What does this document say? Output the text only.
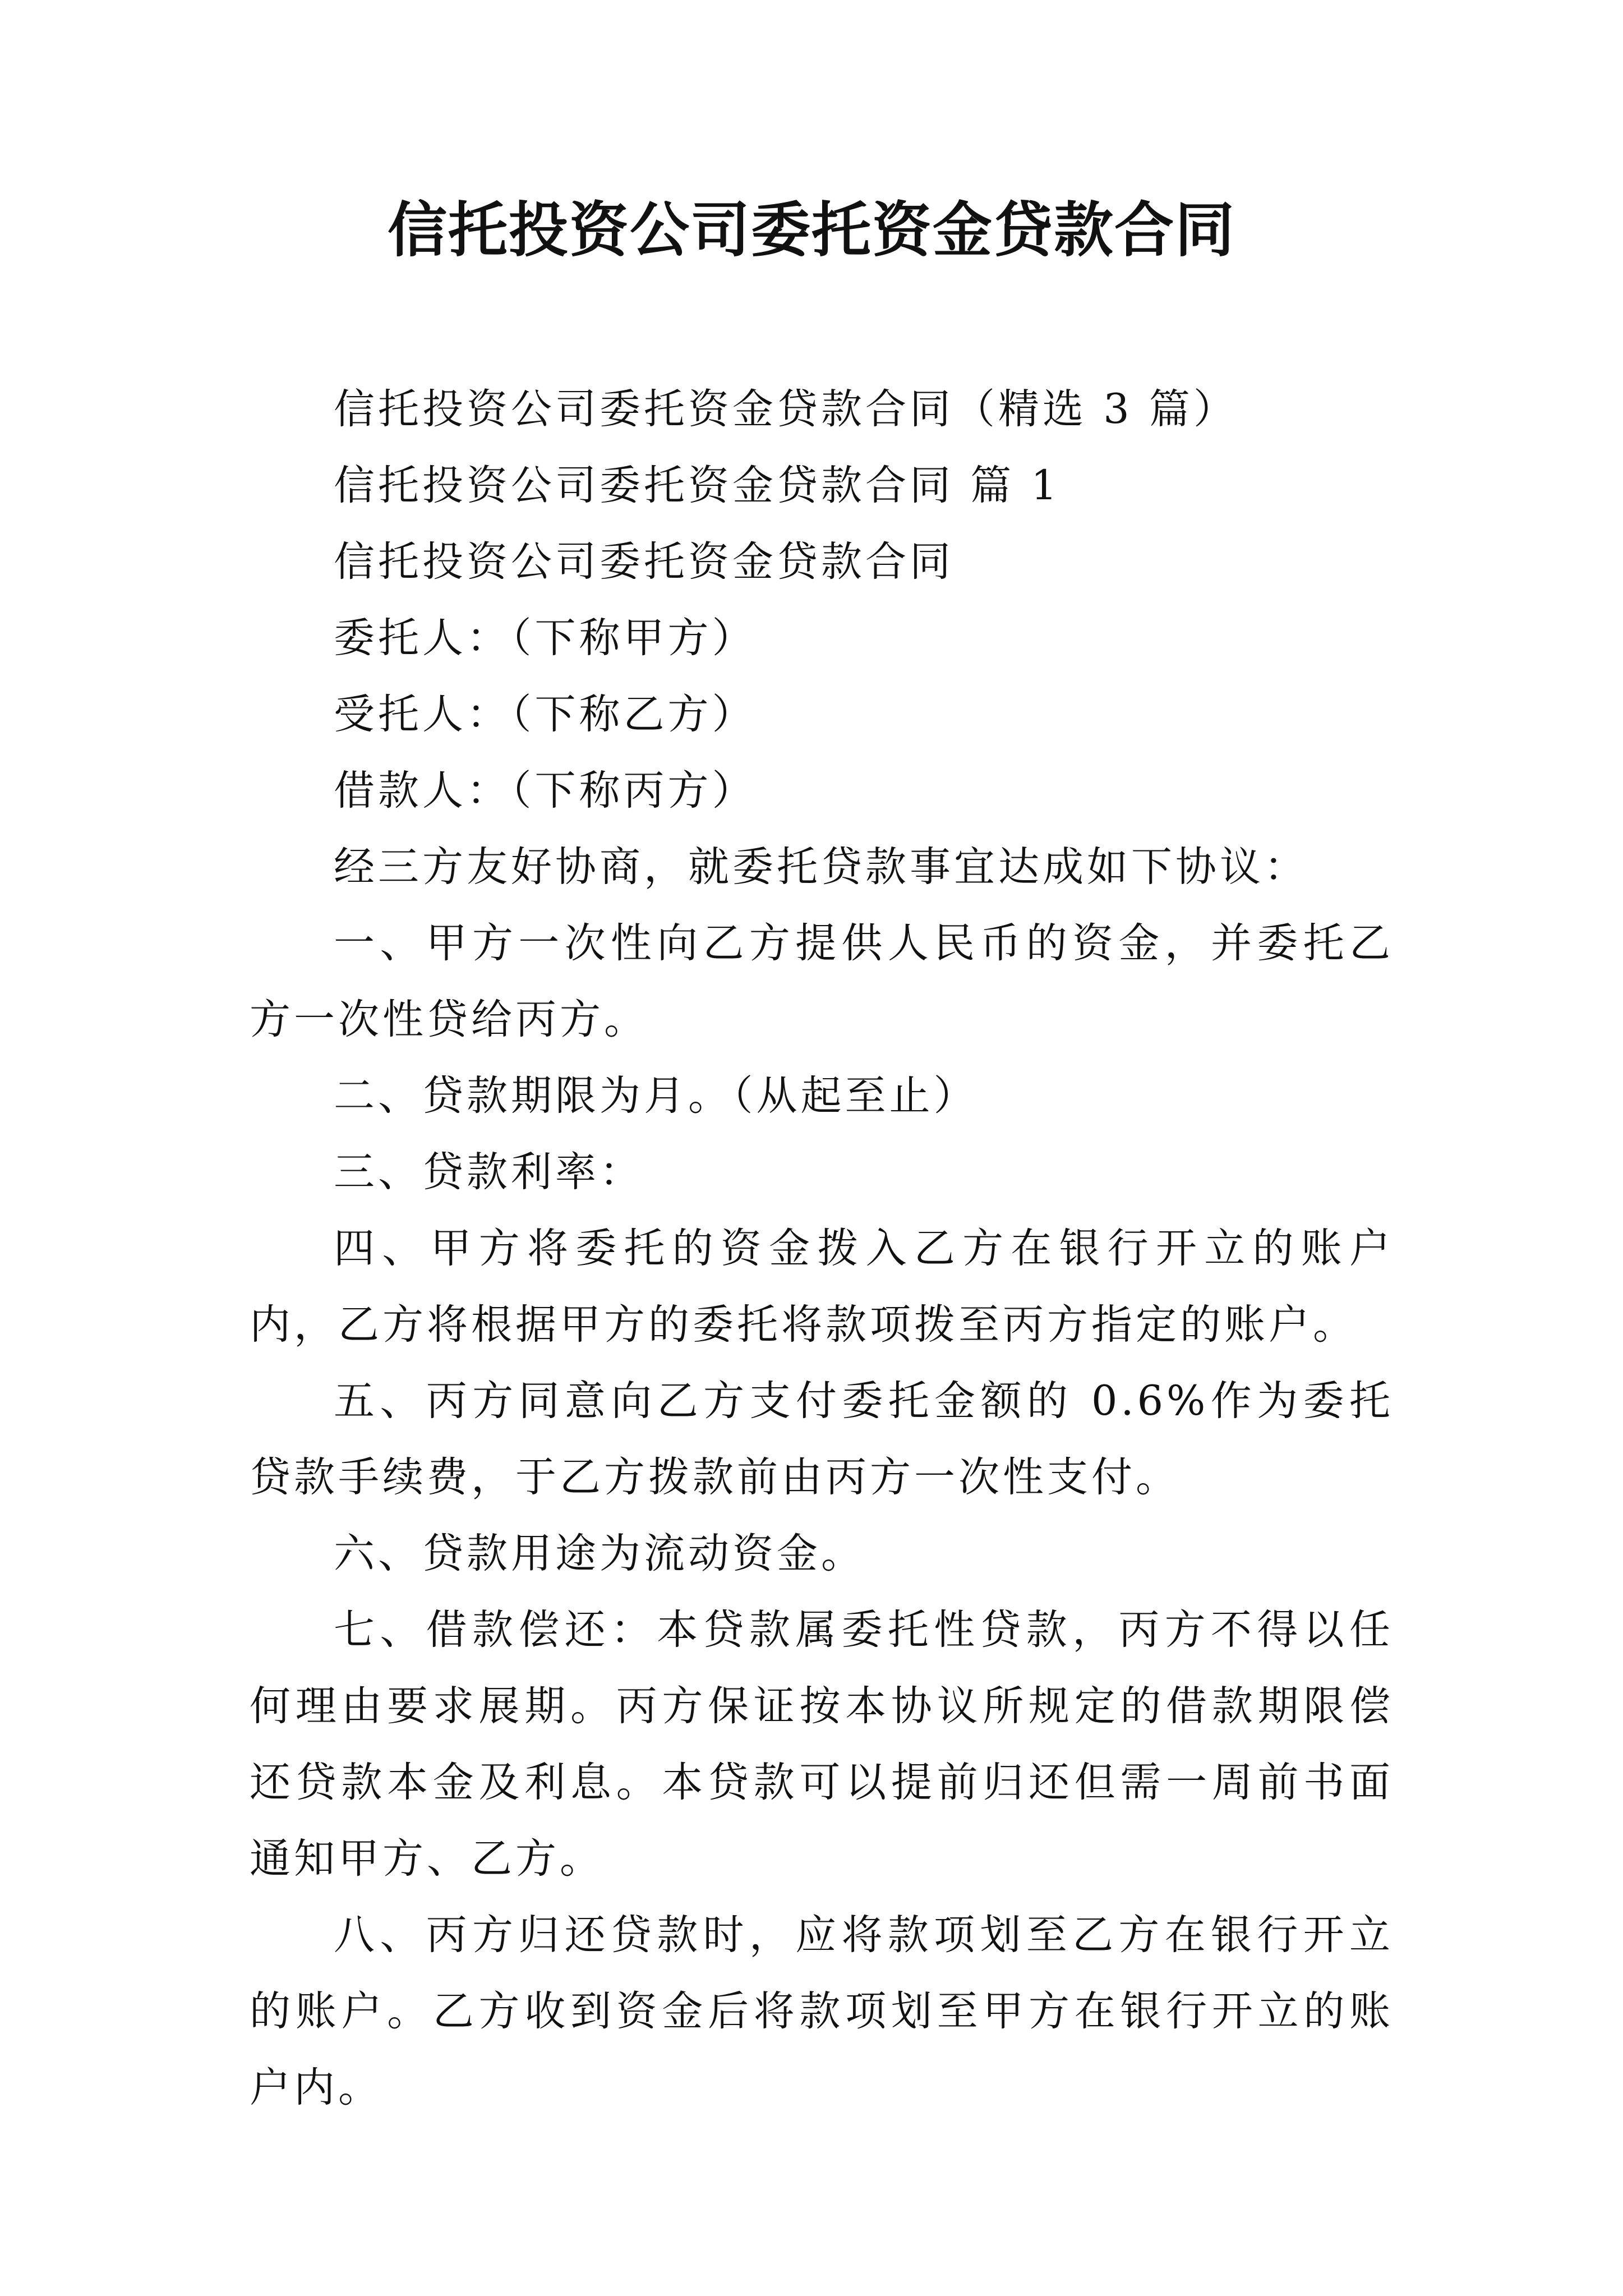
信托投资公司委托资金贷款合同

信托投资公司委托资金贷款合同（精选 3 篇）

信托投资公司委托资金贷款合同 篇 1

信托投资公司委托资金贷款合同

委托人：（下称甲方）

受托人：（下称乙方）

借款人：（下称丙方）

经三方友好协商，就委托贷款事宜达成如下协议：

一、甲方一次性向乙方提供人民币的资金，并委托乙方一次性贷给丙方。

二、贷款期限为月。（从起至止）

三、贷款利率：

四、甲方将委托的资金拨入乙方在银行开立的账户内，乙方将根据甲方的委托将款项拨至丙方指定的账户。

五、丙方同意向乙方支付委托金额的 0.6%作为委托贷款手续费，于乙方拨款前由丙方一次性支付。

六、贷款用途为流动资金。

七、借款偿还：本贷款属委托性贷款，丙方不得以任何理由要求展期。丙方保证按本协议所规定的借款期限偿还贷款本金及利息。本贷款可以提前归还但需一周前书面通知甲方、乙方。

八、丙方归还贷款时，应将款项划至乙方在银行开立的账户。乙方收到资金后将款项划至甲方在银行开立的账户内。
